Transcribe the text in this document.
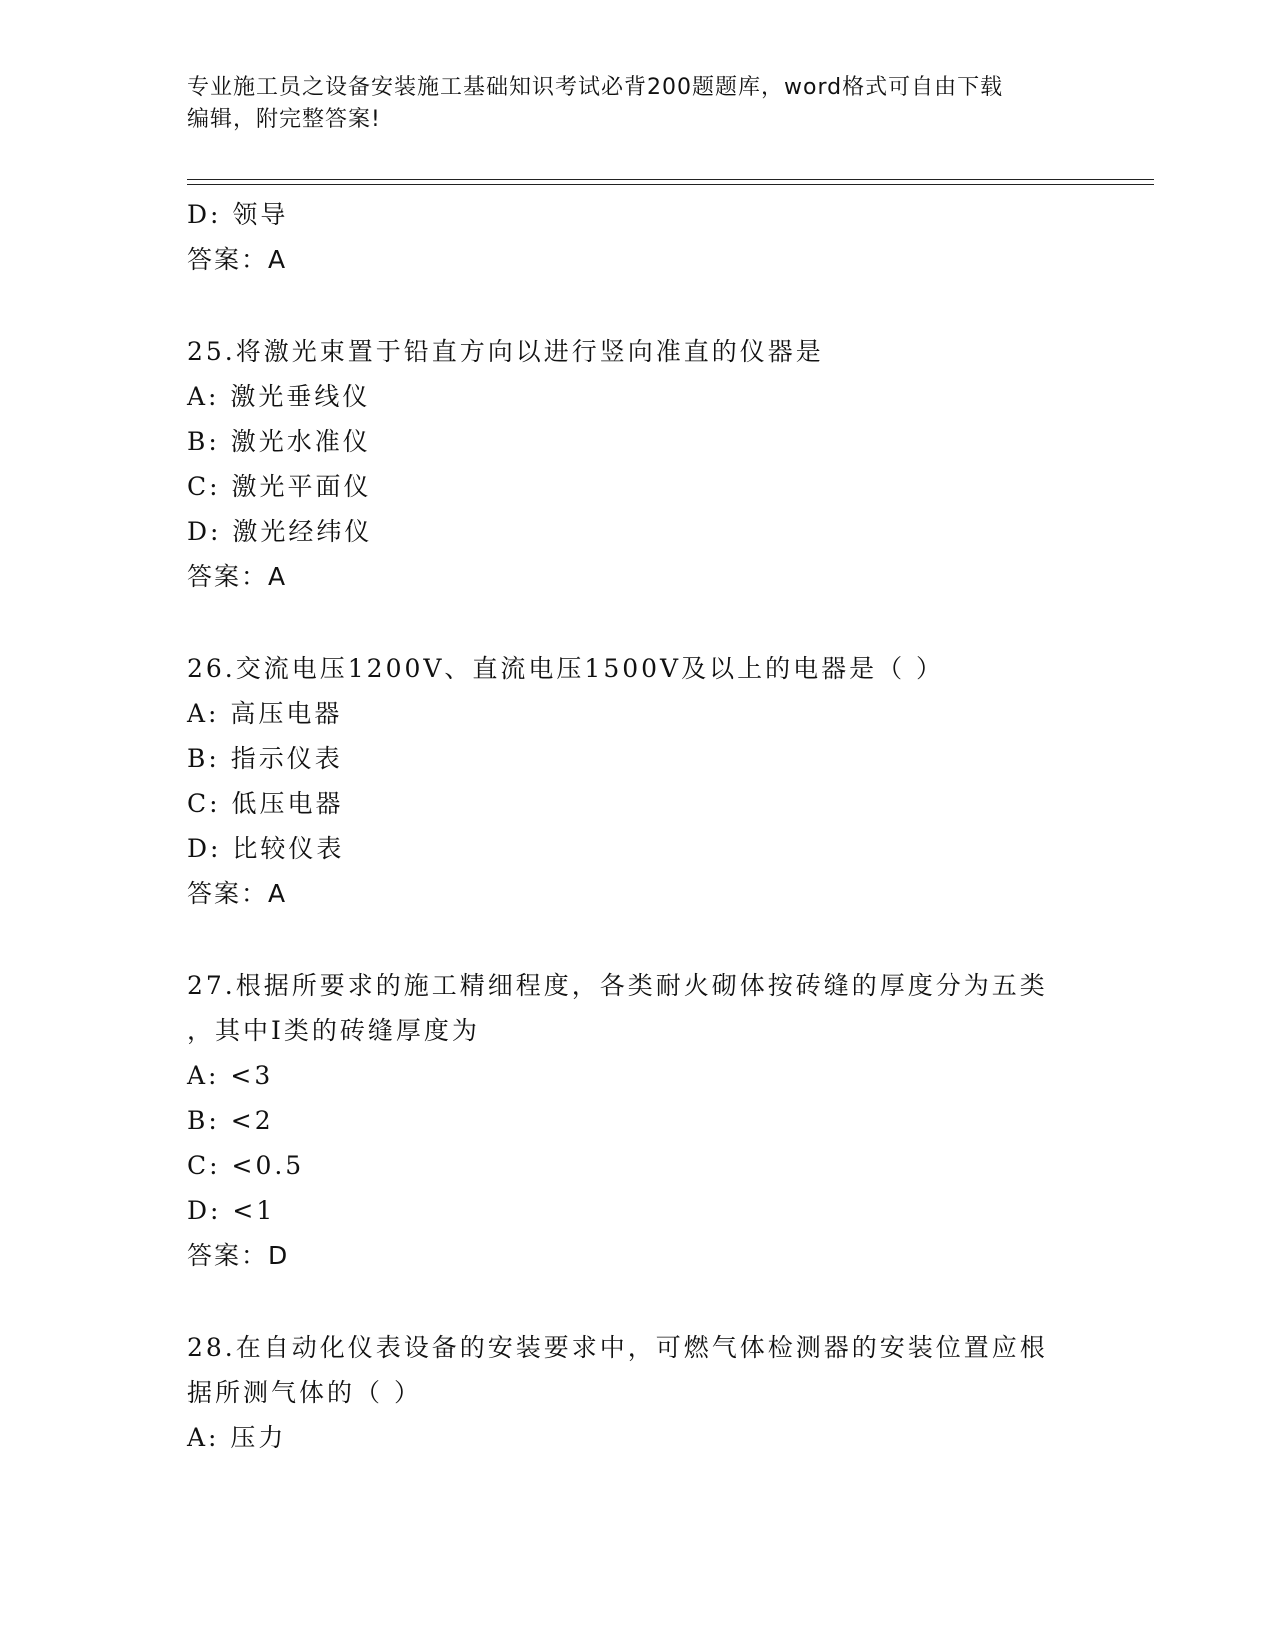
专业施工员之设备安装施工基础知识考试必背200题题库，word格式可自由下载
编辑，附完整答案!
D: 领导
答案：A
25.将激光束置于铅直方向以进行竖向准直的仪器是
A: 激光垂线仪
B: 激光水准仪
C: 激光平面仪
D: 激光经纬仪
答案：A
26.交流电压1200V、直流电压1500V及以上的电器是（ ）
A: 高压电器
B: 指示仪表
C: 低压电器
D: 比较仪表
答案：A
27.根据所要求的施工精细程度，各类耐火砌体按砖缝的厚度分为五类
，其中I类的砖缝厚度为
A: <3
B: <2
C: <0.5
D: <1
答案：D
28.在自动化仪表设备的安装要求中，可燃气体检测器的安装位置应根
据所测气体的（ ）
A: 压力
